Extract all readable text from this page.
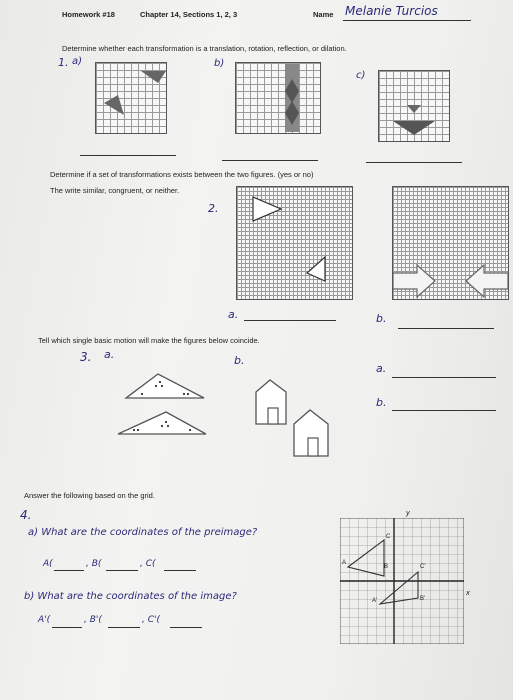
Homework #18	Chapter 14, Sections 1, 2, 3	Name Melanie Turcios
Determine whether each transformation is a translation, rotation, reflection, or dilation.
1. a)	b)
c)
Determine if a set of transformations exists between the two figures. (yes or no)
The write similar, congruent, or neither.
2.
a.	b.
Tell which single basic motion will make the figures below coincide.
3. a.	b.
a.
b.
Answer the following based on the grid.
4.
a) What are the coordinates of the preimage?
A(	, B(	, C(
b) What are the coordinates of the image?
A'(	, B'(	, C'(
y
x
A
B
C
A'	B'
C'
